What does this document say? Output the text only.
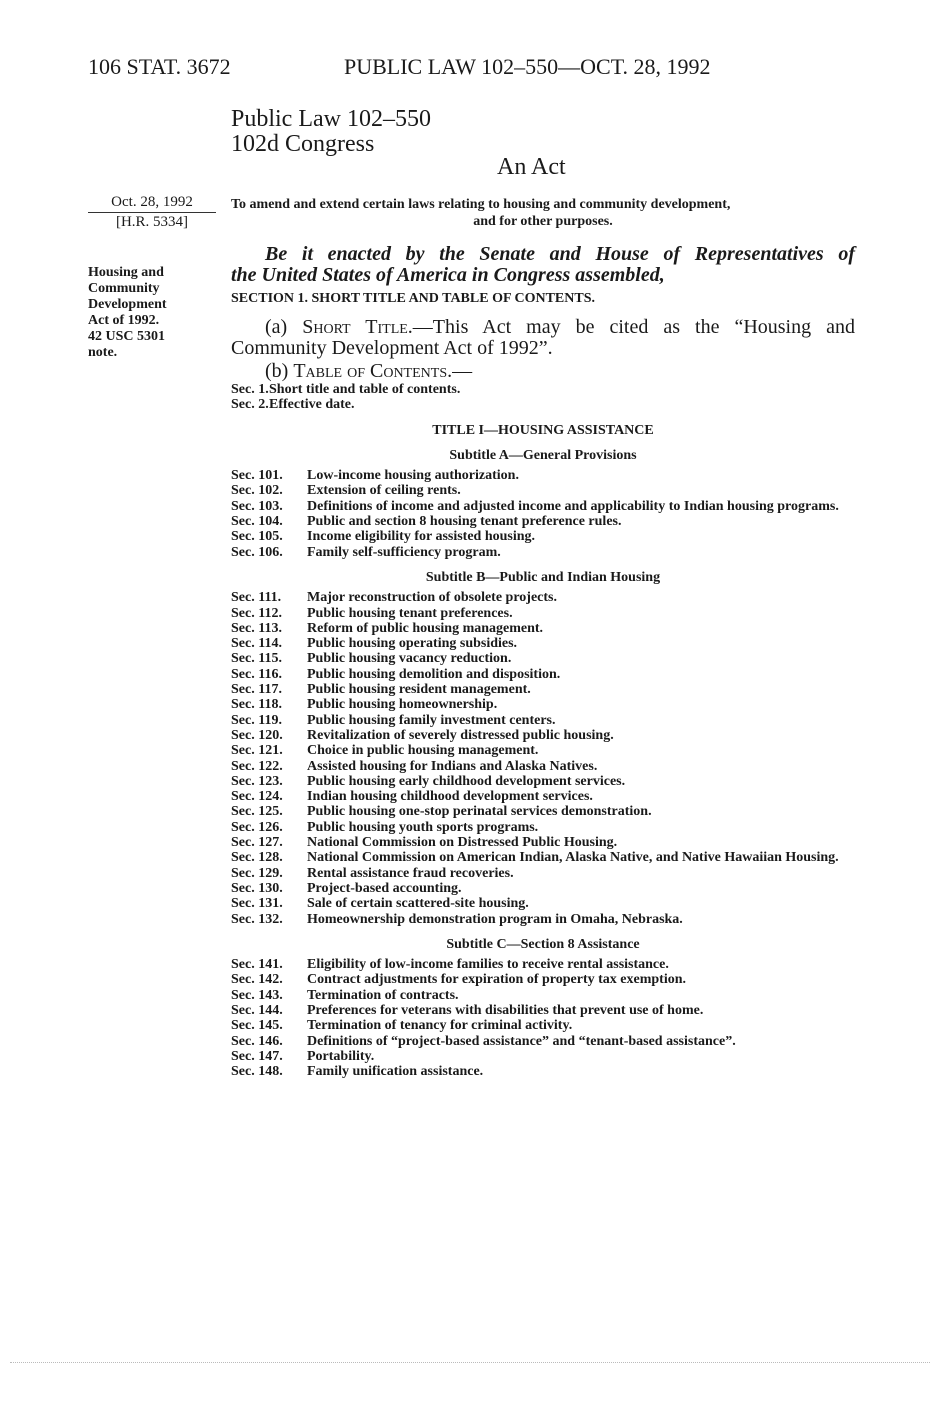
106 STAT. 3672	PUBLIC LAW 102–550—OCT. 28, 1992
Public Law 102–550
102d Congress
An Act
Oct. 28, 1992
[H.R. 5334]
Housing and
Community
Development
Act of 1992.
42 USC 5301
note.
To amend and extend certain laws relating to housing and community development,
and for other purposes.
Be it enacted by the Senate and House of Representatives of
the United States of America in Congress assembled,
SECTION 1. SHORT TITLE AND TABLE OF CONTENTS.
(a) Short Title.—This Act may be cited as the “Housing and
Community Development Act of 1992”.
(b) Table of Contents.—
Sec. 1. Short title and table of contents.
Sec. 2. Effective date.
TITLE I—HOUSING ASSISTANCE
Subtitle A—General Provisions
Sec. 101.	Low-income housing authorization.
Sec. 102.	Extension of ceiling rents.
Sec. 103.	Definitions of income and adjusted income and applicability to Indian housing programs.
Sec. 104.	Public and section 8 housing tenant preference rules.
Sec. 105.	Income eligibility for assisted housing.
Sec. 106.	Family self-sufficiency program.
Subtitle B—Public and Indian Housing
Sec. 111.	Major reconstruction of obsolete projects.
Sec. 112.	Public housing tenant preferences.
Sec. 113.	Reform of public housing management.
Sec. 114.	Public housing operating subsidies.
Sec. 115.	Public housing vacancy reduction.
Sec. 116.	Public housing demolition and disposition.
Sec. 117.	Public housing resident management.
Sec. 118.	Public housing homeownership.
Sec. 119.	Public housing family investment centers.
Sec. 120.	Revitalization of severely distressed public housing.
Sec. 121.	Choice in public housing management.
Sec. 122.	Assisted housing for Indians and Alaska Natives.
Sec. 123.	Public housing early childhood development services.
Sec. 124.	Indian housing childhood development services.
Sec. 125.	Public housing one-stop perinatal services demonstration.
Sec. 126.	Public housing youth sports programs.
Sec. 127.	National Commission on Distressed Public Housing.
Sec. 128.	National Commission on American Indian, Alaska Native, and Native Hawaiian Housing.
Sec. 129.	Rental assistance fraud recoveries.
Sec. 130.	Project-based accounting.
Sec. 131.	Sale of certain scattered-site housing.
Sec. 132.	Homeownership demonstration program in Omaha, Nebraska.
Subtitle C—Section 8 Assistance
Sec. 141.	Eligibility of low-income families to receive rental assistance.
Sec. 142.	Contract adjustments for expiration of property tax exemption.
Sec. 143.	Termination of contracts.
Sec. 144.	Preferences for veterans with disabilities that prevent use of home.
Sec. 145.	Termination of tenancy for criminal activity.
Sec. 146.	Definitions of “project-based assistance” and “tenant-based assistance”.
Sec. 147.	Portability.
Sec. 148.	Family unification assistance.
